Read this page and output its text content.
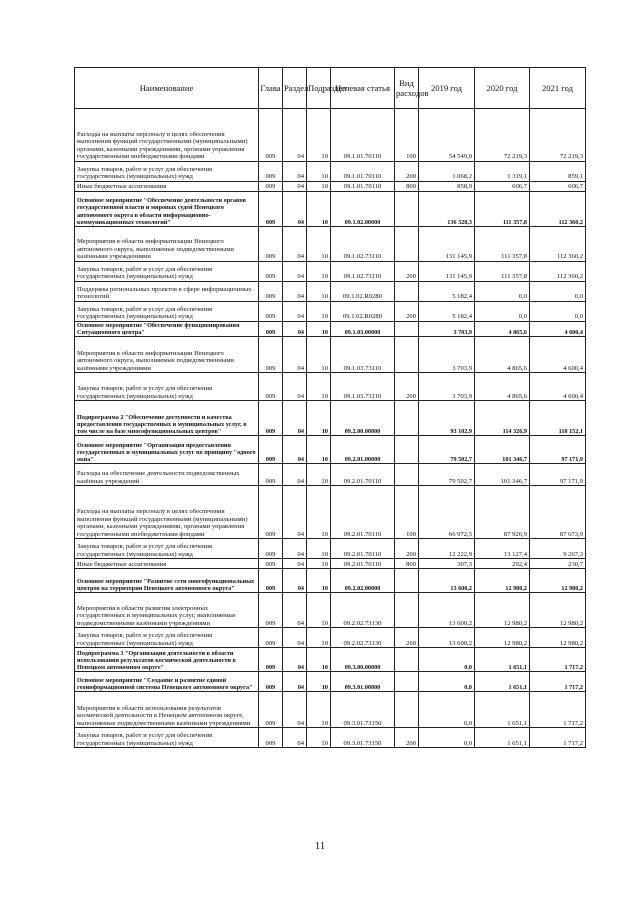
Наименование	Глава	Раздел	Подраздел	Целевая статья	Вид расходов	2019 год	2020 год	2021 год
Расходы на выплаты персоналу в целях обеспечения выполнения функций государственными (муниципальными) органами, казенными учреждениями, органами управления государственными внебюджетными фондами	009	04	10	09.1.01.70110	100	54 549,0	72 219,3	72 219,3
Закупка товаров, работ и услуг для обеспечения государственных (муниципальных) нужд	009	04	10	09.1.01.70110	200	1 068,2	1 319,1	859,1
Иные бюджетные ассигнования	009	04	10	09.1.01.70110	800	858,9	606,7	606,7
Основное мероприятие "Обеспечение деятельности органов государственной власти и мировых судей Ненецкого автономного округа в области информационно-коммуникационных технологий"	009	04	10	09.1.02.00000		136 328,3	111 357,8	112 360,2
Мероприятия в области информатизации Ненецкого автономного округа, выполняемые подведомственными казёнными учреждениями	009	04	10	09.1.02.73110		131 145,9	111 357,8	112 360,2
Закупка товаров, работ и услуг для обеспечения государственных (муниципальных) нужд	009	04	10	09.1.02.73110	200	131 145,9	111 357,8	112 360,2
Поддержка региональных проектов в сфере информационных технологий	009	04	10	09.1.02.R0280		5 182,4	0,0	0,0
Закупка товаров, работ и услуг для обеспечения государственных (муниципальных) нужд	009	04	10	09.1.02.R0280	200	5 182,4	0,0	0,0
Основное мероприятие "Обеспечение функционирования Ситуационного центра"	009	04	10	09.1.03.00000		3 703,9	4 865,6	4 600,4
Мероприятия в области информатизации Ненецкого автономного округа, выполняемые подведомственными казёнными учреждениями	009	04	10	09.1.03.73110		3 703,9	4 865,6	4 600,4
Закупка товаров, работ и услуг для обеспечения государственных (муниципальных) нужд	009	04	10	09.1.03.73110	200	3 703,9	4 865,6	4 600,4
Подпрограмма 2 "Обеспечение доступности и качества предоставления государственных и муниципальных услуг, в том числе на базе многофункциональных центров"	009	04	10	09.2.00.00000		93 102,9	114 326,9	110 152,1
Основное мероприятие "Организация предоставления государственных и муниципальных услуг по принципу "одного окна"	009	04	10	09.2.01.00000		79 502,7	101 346,7	97 171,9
Расходы на обеспечение деятельности подведомственных казённых учреждений	009	04	10	09.2.01.70110		79 502,7	101 346,7	97 171,9
Расходы на выплаты персоналу в целях обеспечения выполнения функций государственными (муниципальными) органами, казенными учреждениями, органами управления государственными внебюджетными фондами	009	04	10	09.2.01.70110	100	66 972,5	87 926,9	87 673,9
Закупка товаров, работ и услуг для обеспечения государственных (муниципальных) нужд	009	04	10	09.2.01.70110	200	12 222,9	13 127,4	9 267,3
Иные бюджетные ассигнования	009	04	10	09.2.01.70110	800	307,3	292,4	230,7
Основное мероприятие "Развитие сети многофункциональных центров на территории Ненецкого автономного округа"	009	04	10	09.2.02.00000		13 600,2	12 980,2	12 980,2
Мероприятия в области развития электронных государственных и муниципальных услуг, выполняемые подведомственными казёнными учреждениями	009	04	10	09.2.02.73130		13 600,2	12 980,2	12 980,2
Закупка товаров, работ и услуг для обеспечения государственных (муниципальных) нужд	009	04	10	09.2.02.73130	200	13 600,2	12 980,2	12 980,2
Подпрограмма 3 "Организация деятельности в области использования результатов космической деятельности в Ненецком автономном округе"	009	04	10	09.3.00.00000		0,0	1 651,1	1 717,2
Основное мероприятие "Создание и развитие единой геоинформационной системы Ненецкого автономного округа"	009	04	10	09.3.01.00000		0,0	1 651,1	1 717,2
Мероприятия в области использования результатов космической деятельности в Ненецком автономном округе, выполняемые подведомственными казёнными учреждениями	009	04	10	09.3.01.73150		0,0	1 651,1	1 717,2
Закупка товаров, работ и услуг для обеспечения государственных (муниципальных) нужд	009	04	10	09.3.01.73150	200	0,0	1 651,1	1 717,2
11
